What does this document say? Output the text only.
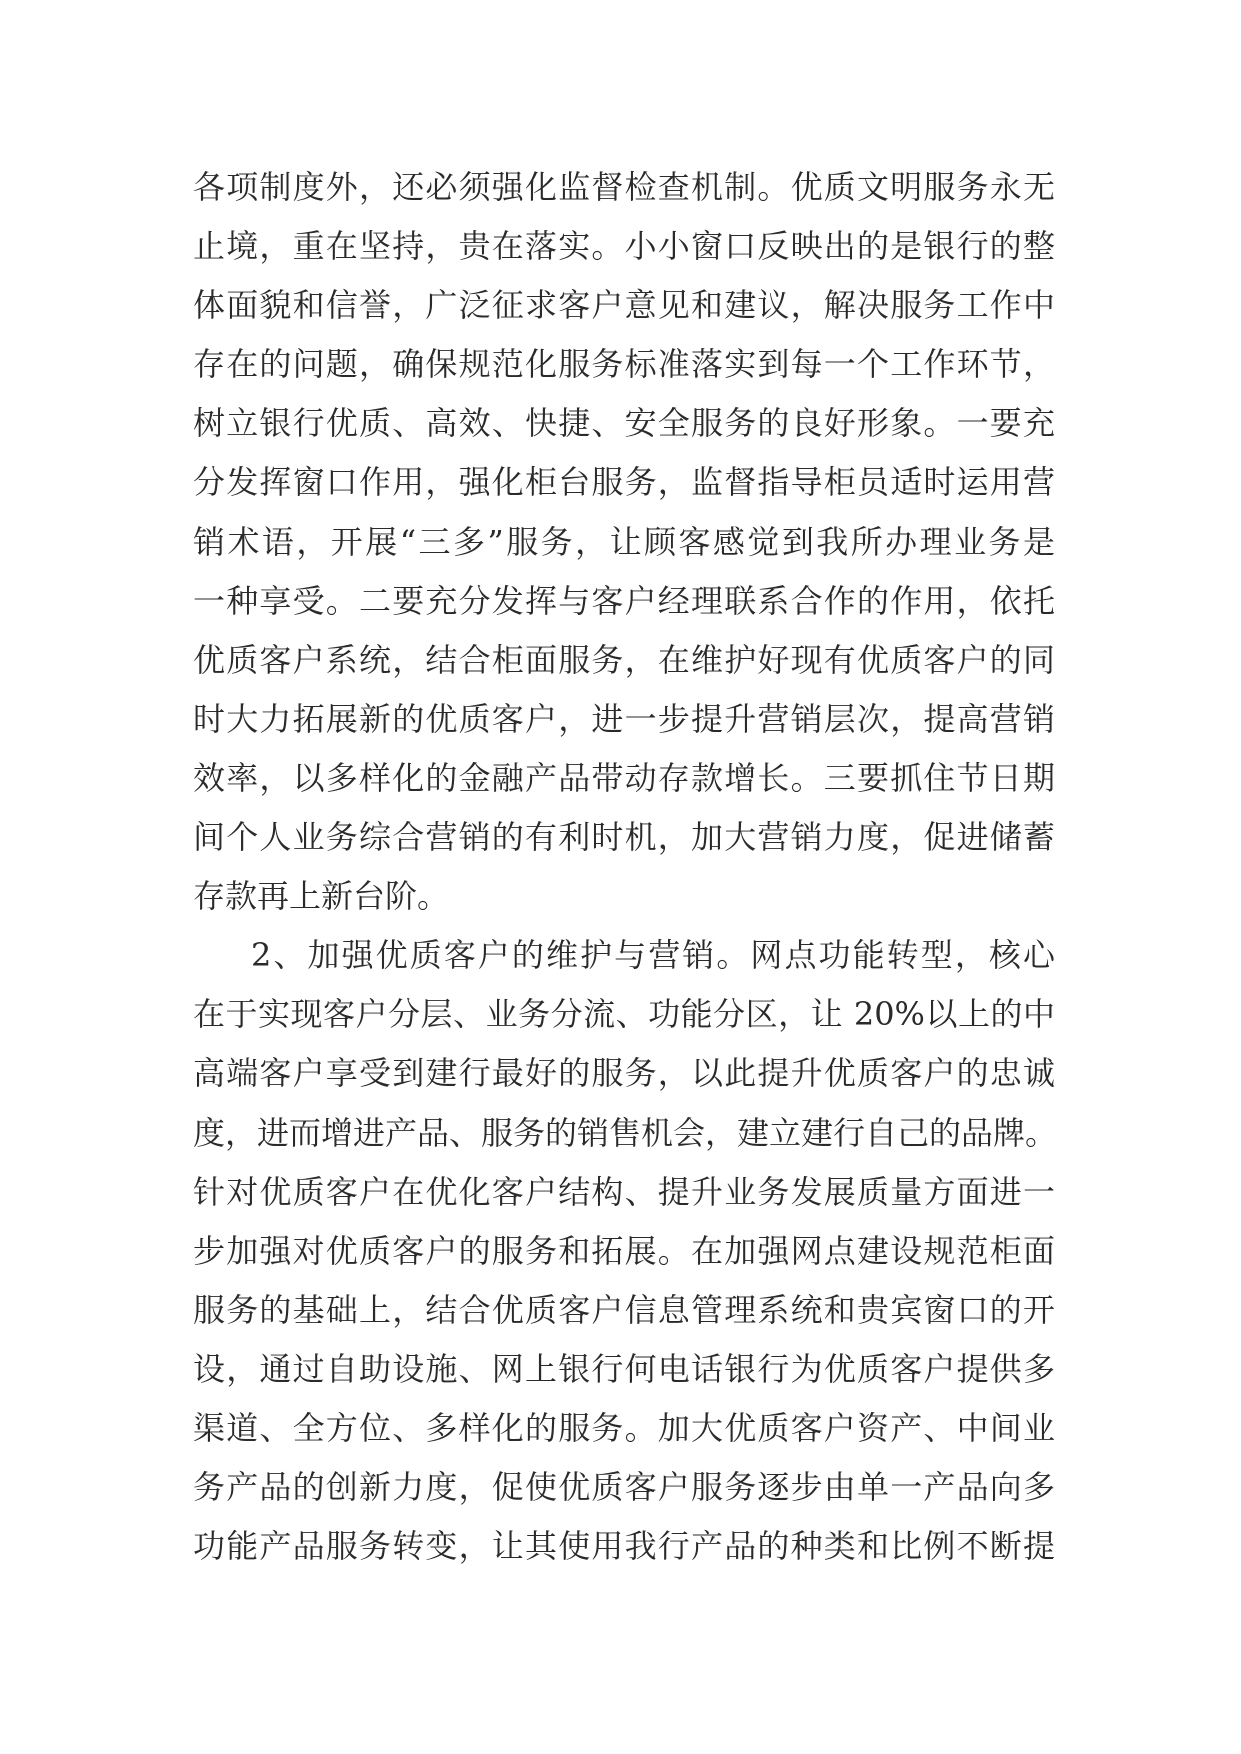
各项制度外，还必须强化监督检查机制。优质文明服务永无
止境，重在坚持，贵在落实。小小窗口反映出的是银行的整
体面貌和信誉，广泛征求客户意见和建议，解决服务工作中
存在的问题，确保规范化服务标准落实到每一个工作环节，
树立银行优质、高效、快捷、安全服务的良好形象。一要充
分发挥窗口作用，强化柜台服务，监督指导柜员适时运用营
销术语，开展“三多”服务，让顾客感觉到我所办理业务是
一种享受。二要充分发挥与客户经理联系合作的作用，依托
优质客户系统，结合柜面服务，在维护好现有优质客户的同
时大力拓展新的优质客户，进一步提升营销层次，提高营销
效率，以多样化的金融产品带动存款增长。三要抓住节日期
间个人业务综合营销的有利时机，加大营销力度，促进储蓄
存款再上新台阶。
2、加强优质客户的维护与营销。网点功能转型，核心
在于实现客户分层、业务分流、功能分区，让 20%以上的中
高端客户享受到建行最好的服务，以此提升优质客户的忠诚
度，进而增进产品、服务的销售机会，建立建行自己的品牌。
针对优质客户在优化客户结构、提升业务发展质量方面进一
步加强对优质客户的服务和拓展。在加强网点建设规范柜面
服务的基础上，结合优质客户信息管理系统和贵宾窗口的开
设，通过自助设施、网上银行何电话银行为优质客户提供多
渠道、全方位、多样化的服务。加大优质客户资产、中间业
务产品的创新力度，促使优质客户服务逐步由单一产品向多
功能产品服务转变，让其使用我行产品的种类和比例不断提
